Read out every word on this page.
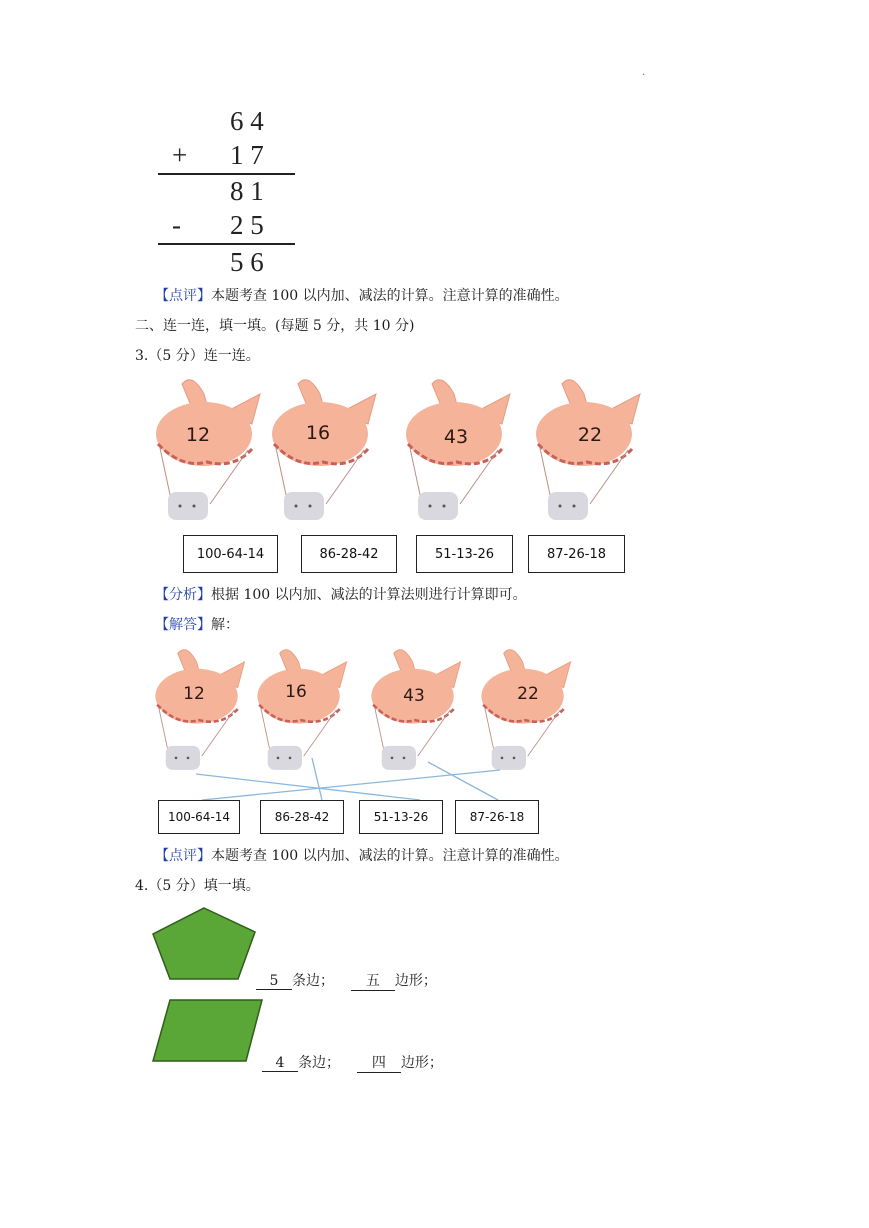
·
6 4
+ 1 7
8 1
- 2 5
5 6
【点评】本题考查 100 以内加、减法的计算。注意计算的准确性。
二、连一连，填一填。(每题 5 分，共 10 分)
3.（5 分）连一连。
12	16	43	22
100-64-14	86-28-42	51-13-26	87-26-18
【分析】根据 100 以内加、减法的计算法则进行计算即可。
【解答】解：
12	16	43	22
100-64-14	86-28-42	51-13-26	87-26-18
【点评】本题考查 100 以内加、减法的计算。注意计算的准确性。
4.（5 分）填一填。
5 条边； 五 边形；
4 条边； 四 边形；
